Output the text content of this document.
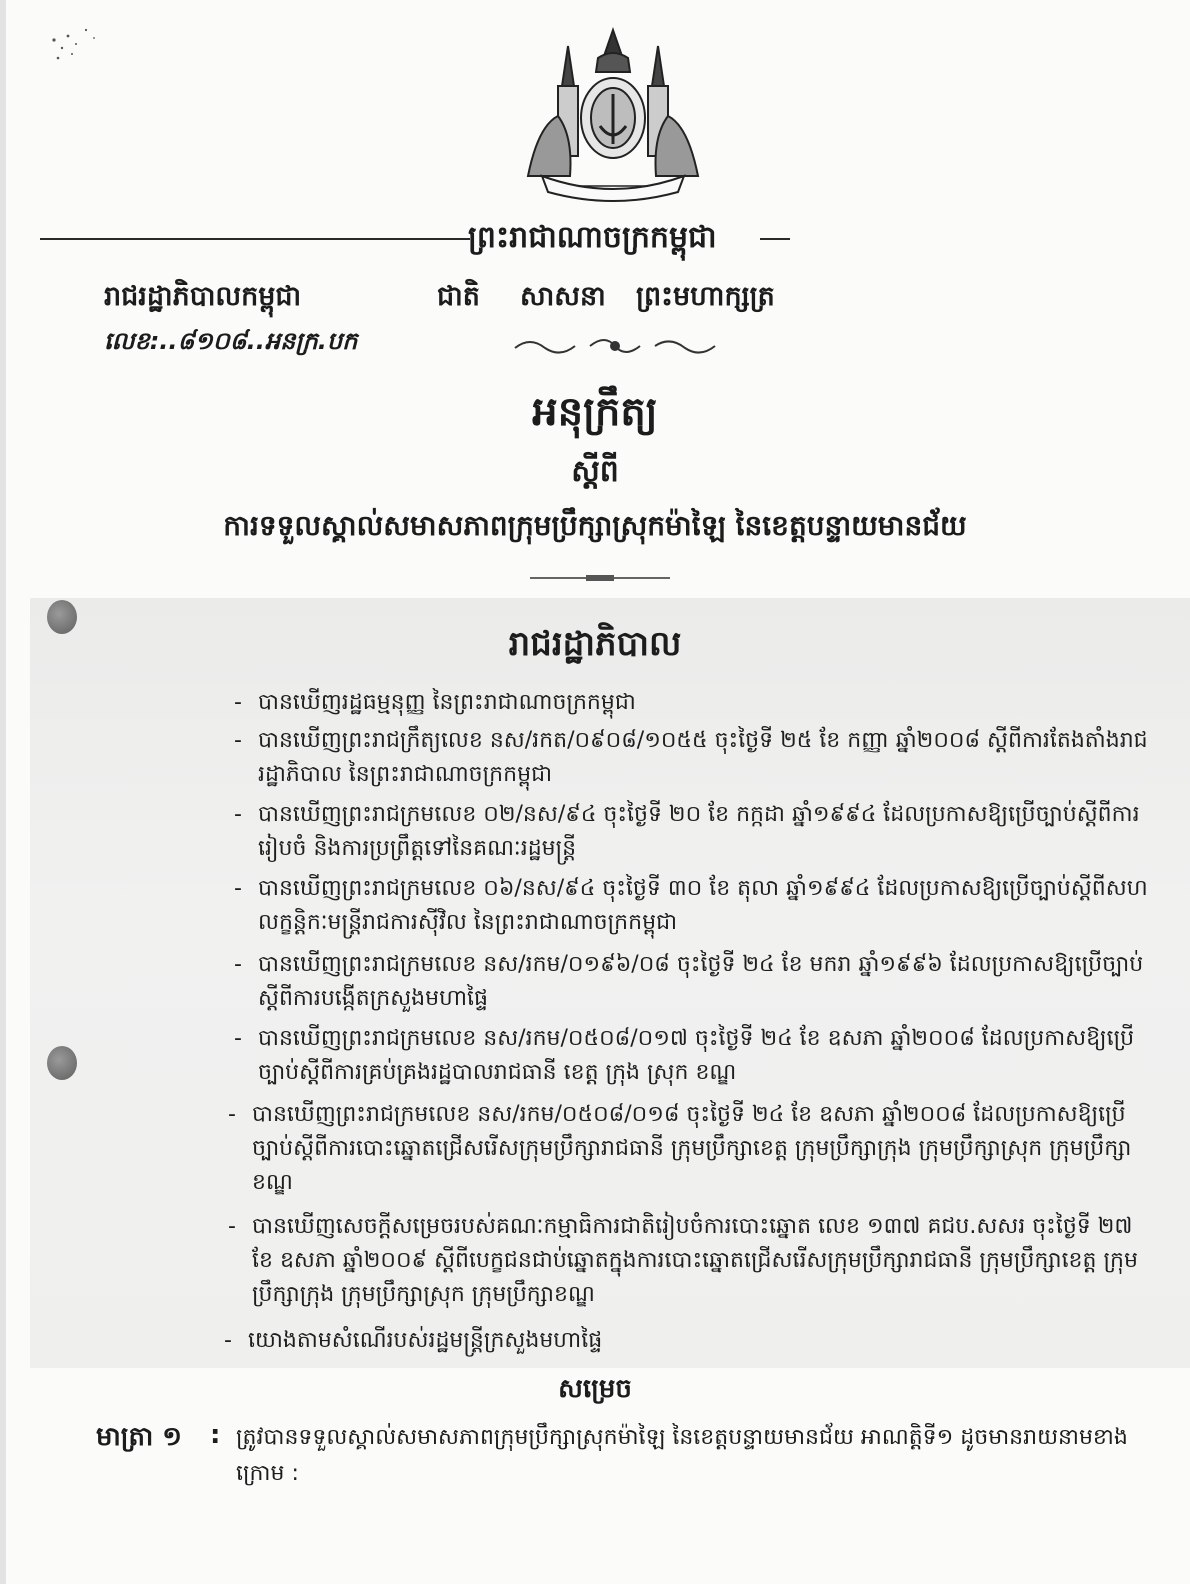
ព្រះរាជាណាចក្រកម្ពុជា
រាជរដ្ឋាភិបាលកម្ពុជា	ជាតិ សាសនា ព្រះមហាក្សត្រ
លេខ:..៨១០៨..អនក្រ.បក
អនុក្រឹត្យ
ស្តីពី
ការទទួលស្គាល់សមាសភាពក្រុមប្រឹក្សាស្រុកម៉ាឡៃ នៃខេត្តបន្ទាយមានជ័យ
រាជរដ្ឋាភិបាល
- បានឃើញរដ្ឋធម្មនុញ្ញ នៃព្រះរាជាណាចក្រកម្ពុជា
- បានឃើញព្រះរាជក្រឹត្យលេខ នស/រកត/០៩០៨/១០៥៥ ចុះថ្ងៃទី ២៥ ខែ កញ្ញា ឆ្នាំ២០០៨ ស្តីពីការតែងតាំងរាជរដ្ឋាភិបាល នៃព្រះរាជាណាចក្រកម្ពុជា
- បានឃើញព្រះរាជក្រមលេខ ០២/នស/៩៤ ចុះថ្ងៃទី ២០ ខែ កក្កដា ឆ្នាំ១៩៩៤ ដែលប្រកាសឱ្យប្រើច្បាប់ស្តីពីការរៀបចំ និងការប្រព្រឹត្តទៅនៃគណៈរដ្ឋមន្ត្រី
- បានឃើញព្រះរាជក្រមលេខ ០៦/នស/៩៤ ចុះថ្ងៃទី ៣០ ខែ តុលា ឆ្នាំ១៩៩៤ ដែលប្រកាសឱ្យប្រើច្បាប់ស្តីពីសហលក្ខន្តិកៈមន្ត្រីរាជការស៊ីវិល នៃព្រះរាជាណាចក្រកម្ពុជា
- បានឃើញព្រះរាជក្រមលេខ នស/រកម/០១៩៦/០៨ ចុះថ្ងៃទី ២៤ ខែ មករា ឆ្នាំ១៩៩៦ ដែលប្រកាសឱ្យប្រើច្បាប់ស្តីពីការបង្កើតក្រសួងមហាផ្ទៃ
- បានឃើញព្រះរាជក្រមលេខ នស/រកម/០៥០៨/០១៧ ចុះថ្ងៃទី ២៤ ខែ ឧសភា ឆ្នាំ២០០៨ ដែលប្រកាសឱ្យប្រើច្បាប់ស្តីពីការគ្រប់គ្រងរដ្ឋបាលរាជធានី ខេត្ត ក្រុង ស្រុក ខណ្ឌ
- បានឃើញព្រះរាជក្រមលេខ នស/រកម/០៥០៨/០១៨ ចុះថ្ងៃទី ២៤ ខែ ឧសភា ឆ្នាំ២០០៨ ដែលប្រកាសឱ្យប្រើច្បាប់ស្តីពីការបោះឆ្នោតជ្រើសរើសក្រុមប្រឹក្សារាជធានី ក្រុមប្រឹក្សាខេត្ត ក្រុមប្រឹក្សាក្រុង ក្រុមប្រឹក្សាស្រុក ក្រុមប្រឹក្សាខណ្ឌ
- បានឃើញសេចក្តីសម្រេចរបស់គណៈកម្មាធិការជាតិរៀបចំការបោះឆ្នោត លេខ ១៣៧ គជប.សសរ ចុះថ្ងៃទី ២៧ ខែ ឧសភា ឆ្នាំ២០០៩ ស្តីពីបេក្ខជនជាប់ឆ្នោតក្នុងការបោះឆ្នោតជ្រើសរើសក្រុមប្រឹក្សារាជធានី ក្រុមប្រឹក្សាខេត្ត ក្រុមប្រឹក្សាក្រុង ក្រុមប្រឹក្សាស្រុក ក្រុមប្រឹក្សាខណ្ឌ
- យោងតាមសំណើរបស់រដ្ឋមន្ត្រីក្រសួងមហាផ្ទៃ
សម្រេច
មាត្រា ១ : ត្រូវបានទទួលស្គាល់សមាសភាពក្រុមប្រឹក្សាស្រុកម៉ាឡៃ នៃខេត្តបន្ទាយមានជ័យ អាណត្តិទី១ ដូចមានរាយនាមខាងក្រោម :
